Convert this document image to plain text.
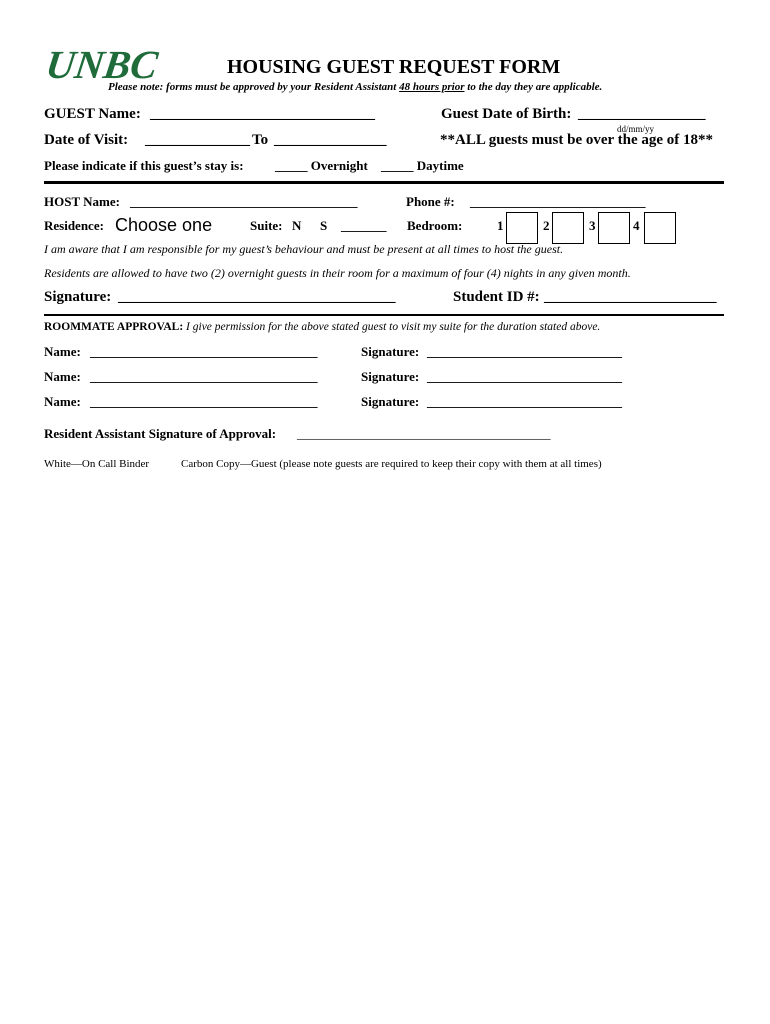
UNBC	HOUSING GUEST REQUEST FORM
Please note: forms must be approved by your Resident Assistant 48 hours prior to the day they are applicable.
GUEST Name: ______________________________	Guest Date of Birth: _________________
dd/mm/yy
Date of Visit: ______________ To _______________	**ALL guests must be over the age of 18**
Please indicate if this guest’s stay is: _____ Overnight _____ Daytime
HOST Name: ___________________________________	Phone #: ___________________________
Residence: Choose one	Suite: N S _______ Bedroom:	1	2	3	4
I am aware that I am responsible for my guest’s behaviour and must be present at all times to host the guest.
Residents are allowed to have two (2) overnight guests in their room for a maximum of four (4) nights in any given month.
Signature: _____________________________________	Student ID #: _______________________
ROOMMATE APPROVAL: I give permission for the above stated guest to visit my suite for the duration stated above.
Name: ___________________________________	Signature: ______________________________
Name: ___________________________________	Signature: ______________________________
Name: ___________________________________	Signature: ______________________________
Resident Assistant Signature of Approval: _______________________________________
White—On Call Binder	Carbon Copy—Guest (please note guests are required to keep their copy with them at all times)
